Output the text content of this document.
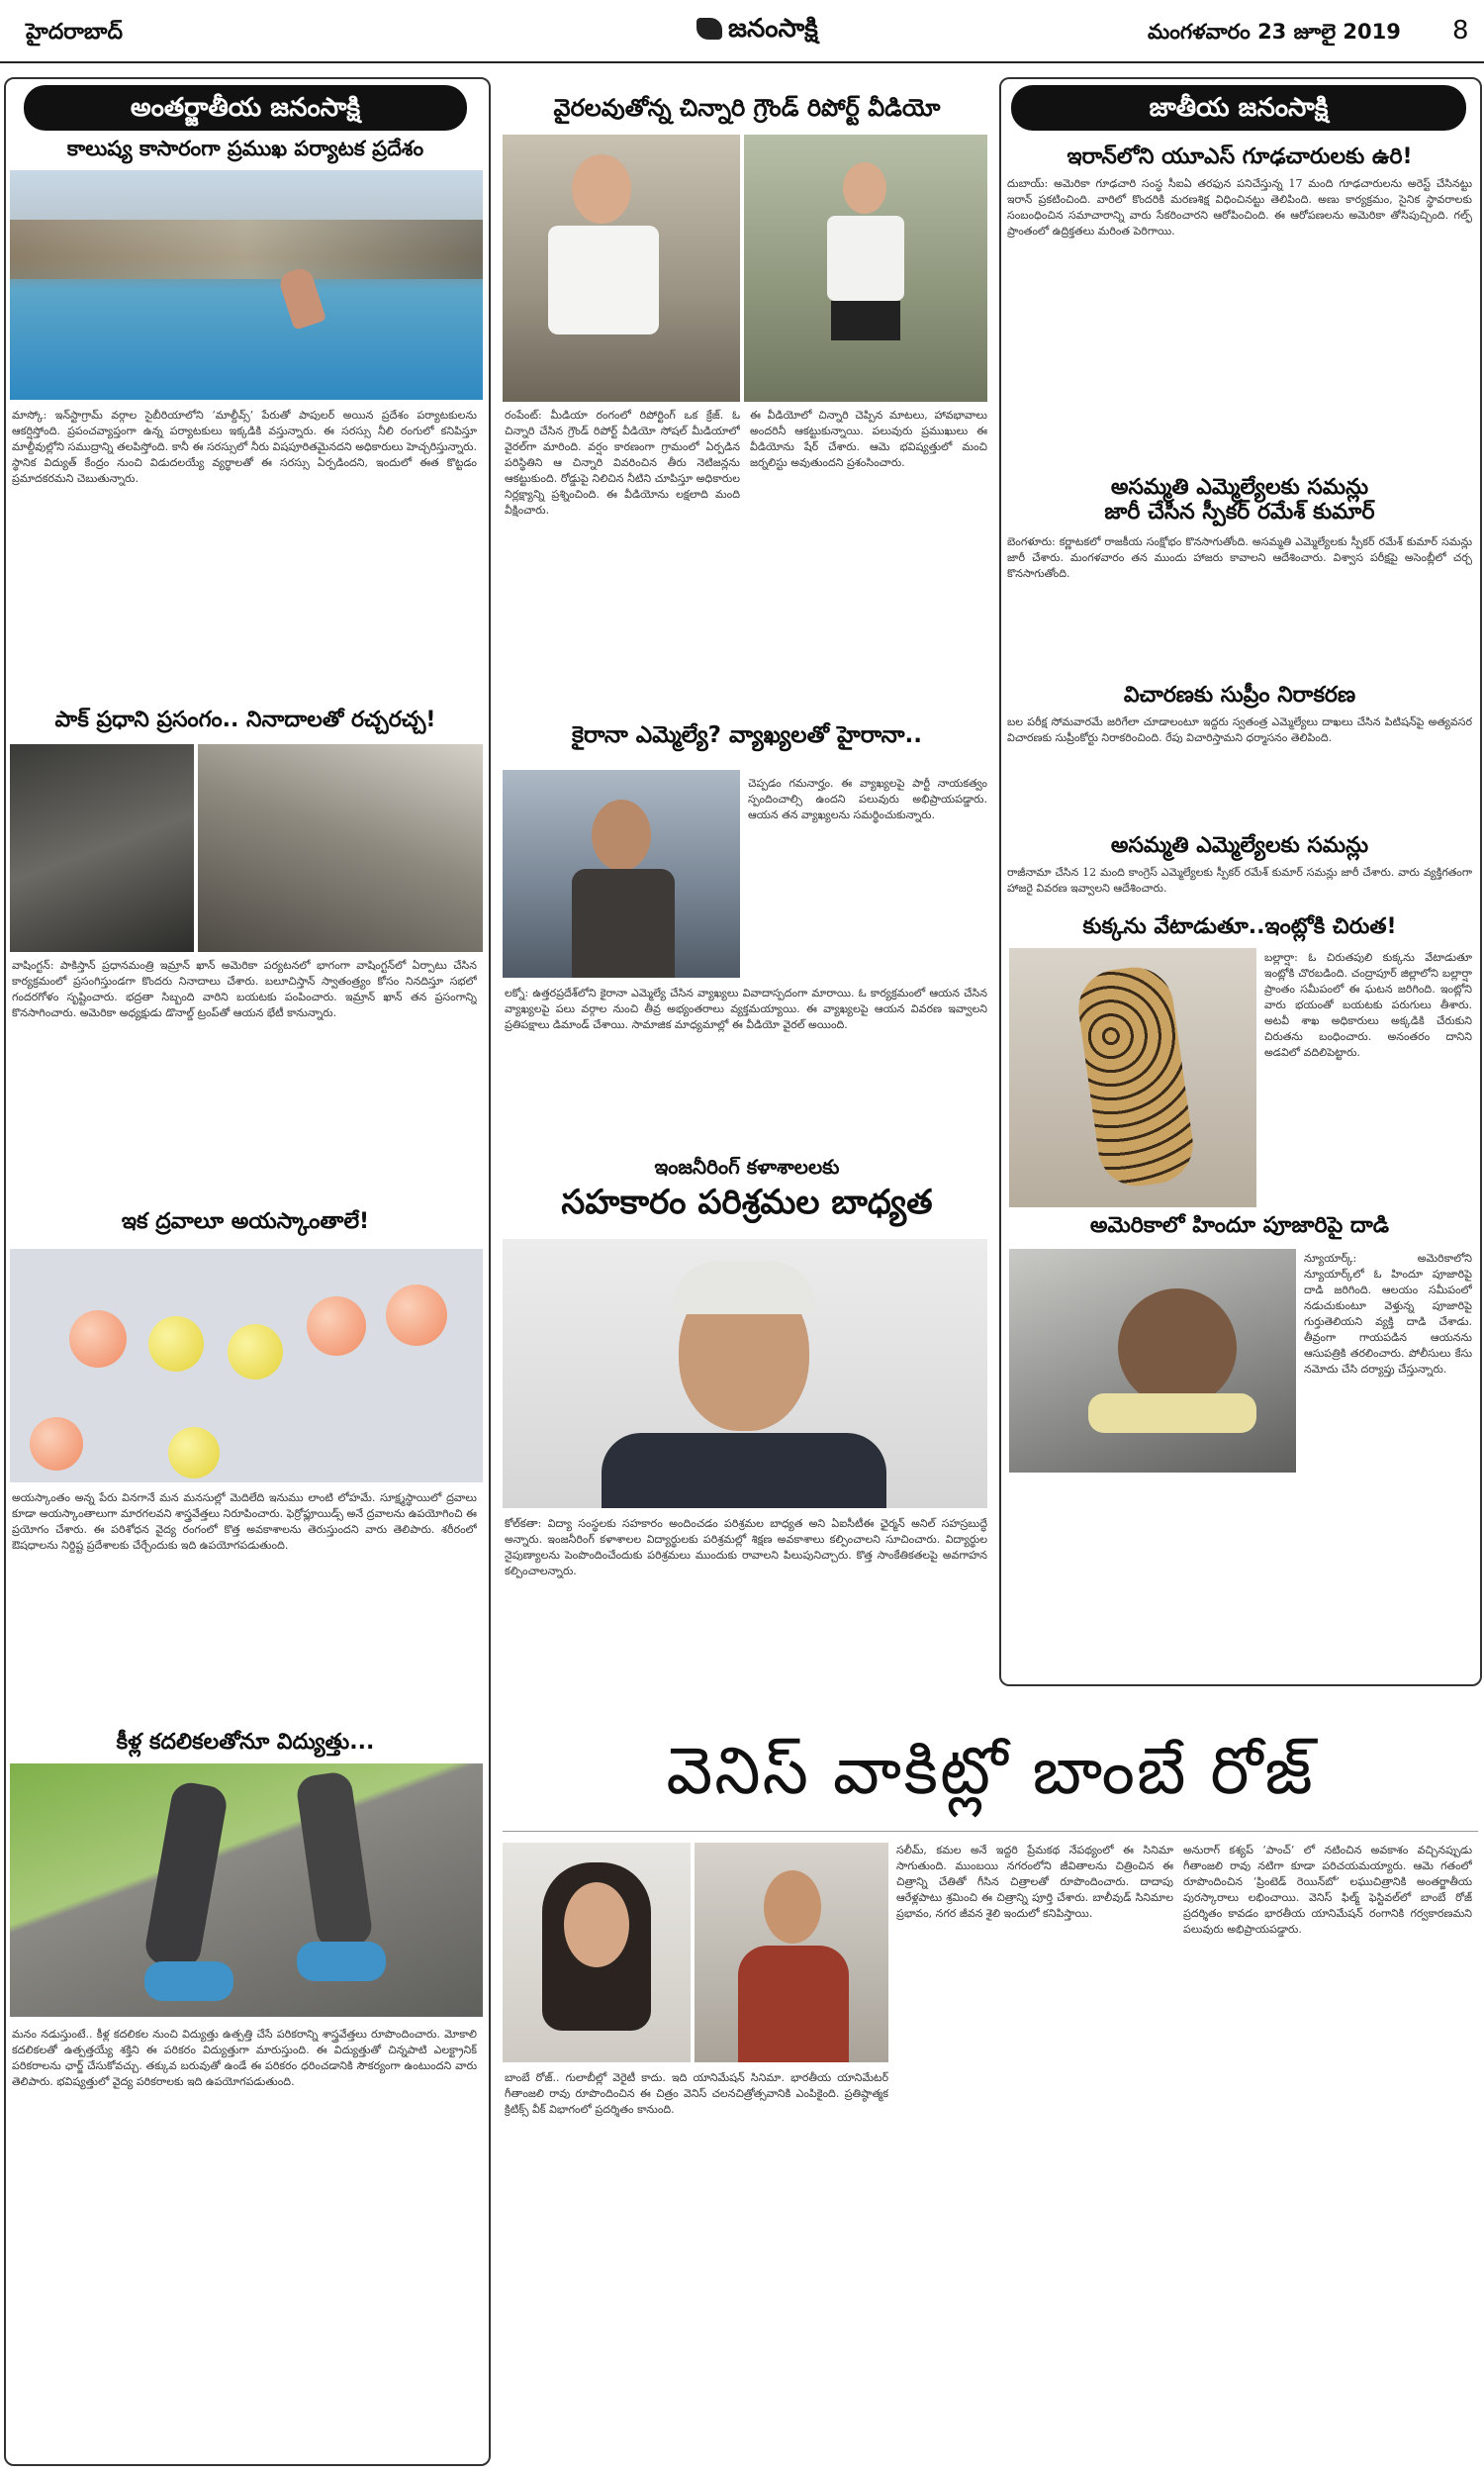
హైదరాబాద్	జనంసాక్షి	మంగళవారం 23 జూలై 2019 8
అంతర్జాతీయ జనంసాక్షి
కాలుష్య కాసారంగా ప్రముఖ పర్యాటక ప్రదేశం
మాస్కో: ఇన్‌స్టాగ్రామ్ వర్గాల సైబీరియాలోని ‘మాల్దీవ్స్’ పేరుతో పాపులర్ అయిన ప్రదేశం పర్యాటకులను ఆకర్షిస్తోంది. ప్రపంచవ్యాప్తంగా ఉన్న పర్యాటకులు ఇక్కడికి వస్తున్నారు. ఈ సరస్సు నీలి రంగులో కనిపిస్తూ మాల్దీవుల్లోని సముద్రాన్ని తలపిస్తోంది. కానీ ఈ సరస్సులో నీరు విషపూరితమైనదని అధికారులు హెచ్చరిస్తున్నారు. స్థానిక విద్యుత్ కేంద్రం నుంచి విడుదలయ్యే వ్యర్థాలతో ఈ సరస్సు ఏర్పడిందని, ఇందులో ఈత కొట్టడం ప్రమాదకరమని చెబుతున్నారు.
పాక్ ప్రధాని ప్రసంగం.. నినాదాలతో రచ్చరచ్చ!
వాషింగ్టన్: పాకిస్తాన్ ప్రధానమంత్రి ఇమ్రాన్ ఖాన్ అమెరికా పర్యటనలో భాగంగా వాషింగ్టన్‌లో ఏర్పాటు చేసిన కార్యక్రమంలో ప్రసంగిస్తుండగా కొందరు నినాదాలు చేశారు. బలూచిస్తాన్ స్వాతంత్ర్యం కోసం నినదిస్తూ సభలో గందరగోళం సృష్టించారు. భద్రతా సిబ్బంది వారిని బయటకు పంపించారు. ఇమ్రాన్ ఖాన్ తన ప్రసంగాన్ని కొనసాగించారు. అమెరికా అధ్యక్షుడు డొనాల్డ్ ట్రంప్‌తో ఆయన భేటీ కానున్నారు.
ఇక ద్రవాలూ అయస్కాంతాలే!
అయస్కాంతం అన్న పేరు వినగానే మన మనసుల్లో మెదిలేది ఇనుము లాంటి లోహమే. సూక్ష్మస్థాయిలో ద్రవాలు కూడా అయస్కాంతాలుగా మారగలవని శాస్త్రవేత్తలు నిరూపించారు. ఫెర్రోఫ్లూయిడ్స్ అనే ద్రవాలను ఉపయోగించి ఈ ప్రయోగం చేశారు. ఈ పరిశోధన వైద్య రంగంలో కొత్త అవకాశాలను తెరుస్తుందని వారు తెలిపారు. శరీరంలో ఔషధాలను నిర్దిష్ట ప్రదేశాలకు చేర్చేందుకు ఇది ఉపయోగపడుతుంది.
కీళ్ల కదలికలతోనూ విద్యుత్తు...
మనం నడుస్తుంటే.. కీళ్ల కదలికల నుంచి విద్యుత్తు ఉత్పత్తి చేసే పరికరాన్ని శాస్త్రవేత్తలు రూపొందించారు. మోకాలి కదలికలతో ఉత్పత్తయ్యే శక్తిని ఈ పరికరం విద్యుత్తుగా మారుస్తుంది. ఈ విద్యుత్తుతో చిన్నపాటి ఎలక్ట్రానిక్ పరికరాలను ఛార్జ్ చేసుకోవచ్చు. తక్కువ బరువుతో ఉండే ఈ పరికరం ధరించడానికి సౌకర్యంగా ఉంటుందని వారు తెలిపారు. భవిష్యత్తులో వైద్య పరికరాలకు ఇది ఉపయోగపడుతుంది.
వైరలవుతోన్న చిన్నారి గ్రౌండ్ రిపోర్ట్ వీడియో
రంపేంట్: మీడియా రంగంలో రిపోర్టింగ్ ఒక క్రేజ్. ఓ చిన్నారి చేసిన గ్రౌండ్ రిపోర్ట్ వీడియో సోషల్ మీడియాలో వైరల్‌గా మారింది. వర్షం కారణంగా గ్రామంలో ఏర్పడిన పరిస్థితిని ఆ చిన్నారి వివరించిన తీరు నెటిజన్లను ఆకట్టుకుంది. రోడ్డుపై నిలిచిన నీటిని చూపిస్తూ అధికారుల నిర్లక్ష్యాన్ని ప్రశ్నించింది. ఈ వీడియోను లక్షలాది మంది వీక్షించారు.
ఈ వీడియోలో చిన్నారి చెప్పిన మాటలు, హావభావాలు అందరినీ ఆకట్టుకున్నాయి. పలువురు ప్రముఖులు ఈ వీడియోను షేర్ చేశారు. ఆమె భవిష్యత్తులో మంచి జర్నలిస్టు అవుతుందని ప్రశంసించారు.
కైరానా ఎమ్మెల్యే? వ్యాఖ్యలతో హైరానా..
చెప్పడం గమనార్హం. ఈ వ్యాఖ్యలపై పార్టీ నాయకత్వం స్పందించాల్సి ఉందని పలువురు అభిప్రాయపడ్డారు. ఆయన తన వ్యాఖ్యలను సమర్థించుకున్నారు.
లక్నో: ఉత్తరప్రదేశ్‌లోని కైరానా ఎమ్మెల్యే చేసిన వ్యాఖ్యలు వివాదాస్పదంగా మారాయి. ఓ కార్యక్రమంలో ఆయన చేసిన వ్యాఖ్యలపై పలు వర్గాల నుంచి తీవ్ర అభ్యంతరాలు వ్యక్తమయ్యాయి. ఈ వ్యాఖ్యలపై ఆయన వివరణ ఇవ్వాలని ప్రతిపక్షాలు డిమాండ్ చేశాయి. సామాజిక మాధ్యమాల్లో ఈ వీడియో వైరల్ అయింది.
ఇంజనీరింగ్ కళాశాలలకు
సహకారం పరిశ్రమల బాధ్యత
కోల్‌కతా: విద్యా సంస్థలకు సహకారం అందించడం పరిశ్రమల బాధ్యత అని ఏఐసీటీఈ ఛైర్మన్ అనిల్ సహస్రబుద్ధే అన్నారు. ఇంజనీరింగ్ కళాశాలల విద్యార్థులకు పరిశ్రమల్లో శిక్షణ అవకాశాలు కల్పించాలని సూచించారు. విద్యార్థుల నైపుణ్యాలను పెంపొందించేందుకు పరిశ్రమలు ముందుకు రావాలని పిలుపునిచ్చారు. కొత్త సాంకేతికతలపై అవగాహన కల్పించాలన్నారు.
జాతీయ జనంసాక్షి
ఇరాన్‌లోని యూఎస్ గూఢచారులకు ఉరి!
దుబాయ్: అమెరికా గూఢచారి సంస్థ సీఐఏ తరఫున పనిచేస్తున్న 17 మంది గూఢచారులను అరెస్ట్ చేసినట్టు ఇరాన్ ప్రకటించింది. వారిలో కొందరికి మరణశిక్ష విధించినట్టు తెలిపింది. అణు కార్యక్రమం, సైనిక స్థావరాలకు సంబంధించిన సమాచారాన్ని వారు సేకరించారని ఆరోపించింది. ఈ ఆరోపణలను అమెరికా తోసిపుచ్చింది. గల్ఫ్ ప్రాంతంలో ఉద్రిక్తతలు మరింత పెరిగాయి.
అసమ్మతి ఎమ్మెల్యేలకు సమన్లు
జారీ చేసిన స్పీకర్ రమేశ్ కుమార్
బెంగళూరు: కర్ణాటకలో రాజకీయ సంక్షోభం కొనసాగుతోంది. అసమ్మతి ఎమ్మెల్యేలకు స్పీకర్ రమేశ్ కుమార్ సమన్లు జారీ చేశారు. మంగళవారం తన ముందు హాజరు కావాలని ఆదేశించారు. విశ్వాస పరీక్షపై అసెంబ్లీలో చర్చ కొనసాగుతోంది.
విచారణకు సుప్రీం నిరాకరణ
బల పరీక్ష సోమవారమే జరిగేలా చూడాలంటూ ఇద్దరు స్వతంత్ర ఎమ్మెల్యేలు దాఖలు చేసిన పిటిషన్‌పై అత్యవసర విచారణకు సుప్రీంకోర్టు నిరాకరించింది. రేపు విచారిస్తామని ధర్మాసనం తెలిపింది.
అసమ్మతి ఎమ్మెల్యేలకు సమన్లు
రాజీనామా చేసిన 12 మంది కాంగ్రెస్ ఎమ్మెల్యేలకు స్పీకర్ రమేశ్ కుమార్ సమన్లు జారీ చేశారు. వారు వ్యక్తిగతంగా హాజరై వివరణ ఇవ్వాలని ఆదేశించారు.
కుక్కను వేటాడుతూ..ఇంట్లోకి చిరుత!
బల్లార్షా: ఓ చిరుతపులి కుక్కను వేటాడుతూ ఇంట్లోకి చొరబడింది. చంద్రాపూర్ జిల్లాలోని బల్లార్షా ప్రాంతం సమీపంలో ఈ ఘటన జరిగింది. ఇంట్లోని వారు భయంతో బయటకు పరుగులు తీశారు. అటవీ శాఖ అధికారులు అక్కడికి చేరుకుని చిరుతను బంధించారు. అనంతరం దానిని అడవిలో వదిలిపెట్టారు.
అమెరికాలో హిందూ పూజారిపై దాడి
న్యూయార్క్: అమెరికాలోని న్యూయార్క్‌లో ఓ హిందూ పూజారిపై దాడి జరిగింది. ఆలయం సమీపంలో నడుచుకుంటూ వెళ్తున్న పూజారిపై గుర్తుతెలియని వ్యక్తి దాడి చేశాడు. తీవ్రంగా గాయపడిన ఆయనను ఆసుపత్రికి తరలించారు. పోలీసులు కేసు నమోదు చేసి దర్యాప్తు చేస్తున్నారు.
వెనిస్ వాకిట్లో బాంబే రోజ్
బాంబే రోజ్.. గులాబీల్లో వెరైటీ కాదు. ఇది యానిమేషన్ సినిమా. భారతీయ యానిమేటర్ గీతాంజలి రావు రూపొందించిన ఈ చిత్రం వెనిస్ చలనచిత్రోత్సవానికి ఎంపికైంది. ప్రతిష్ఠాత్మక క్రిటిక్స్ వీక్ విభాగంలో ప్రదర్శితం కానుంది.
సలీమ్, కమల అనే ఇద్దరి ప్రేమకథ నేపథ్యంలో ఈ సినిమా సాగుతుంది. ముంబయి నగరంలోని జీవితాలను చిత్రించిన ఈ చిత్రాన్ని చేతితో గీసిన చిత్రాలతో రూపొందించారు. దాదాపు ఆరేళ్లపాటు శ్రమించి ఈ చిత్రాన్ని పూర్తి చేశారు. బాలీవుడ్ సినిమాల ప్రభావం, నగర జీవన శైలి ఇందులో కనిపిస్తాయి.
అనురాగ్ కశ్యప్ ‘పాంచ్’ లో నటించిన అవకాశం వచ్చినప్పుడు గీతాంజలి రావు నటిగా కూడా పరిచయమయ్యారు. ఆమె గతంలో రూపొందించిన ‘ప్రింటెడ్ రెయిన్‌బో’ లఘుచిత్రానికి అంతర్జాతీయ పురస్కారాలు లభించాయి. వెనిస్ ఫిల్మ్ ఫెస్టివల్‌లో బాంబే రోజ్ ప్రదర్శితం కావడం భారతీయ యానిమేషన్ రంగానికి గర్వకారణమని పలువురు అభిప్రాయపడ్డారు.
